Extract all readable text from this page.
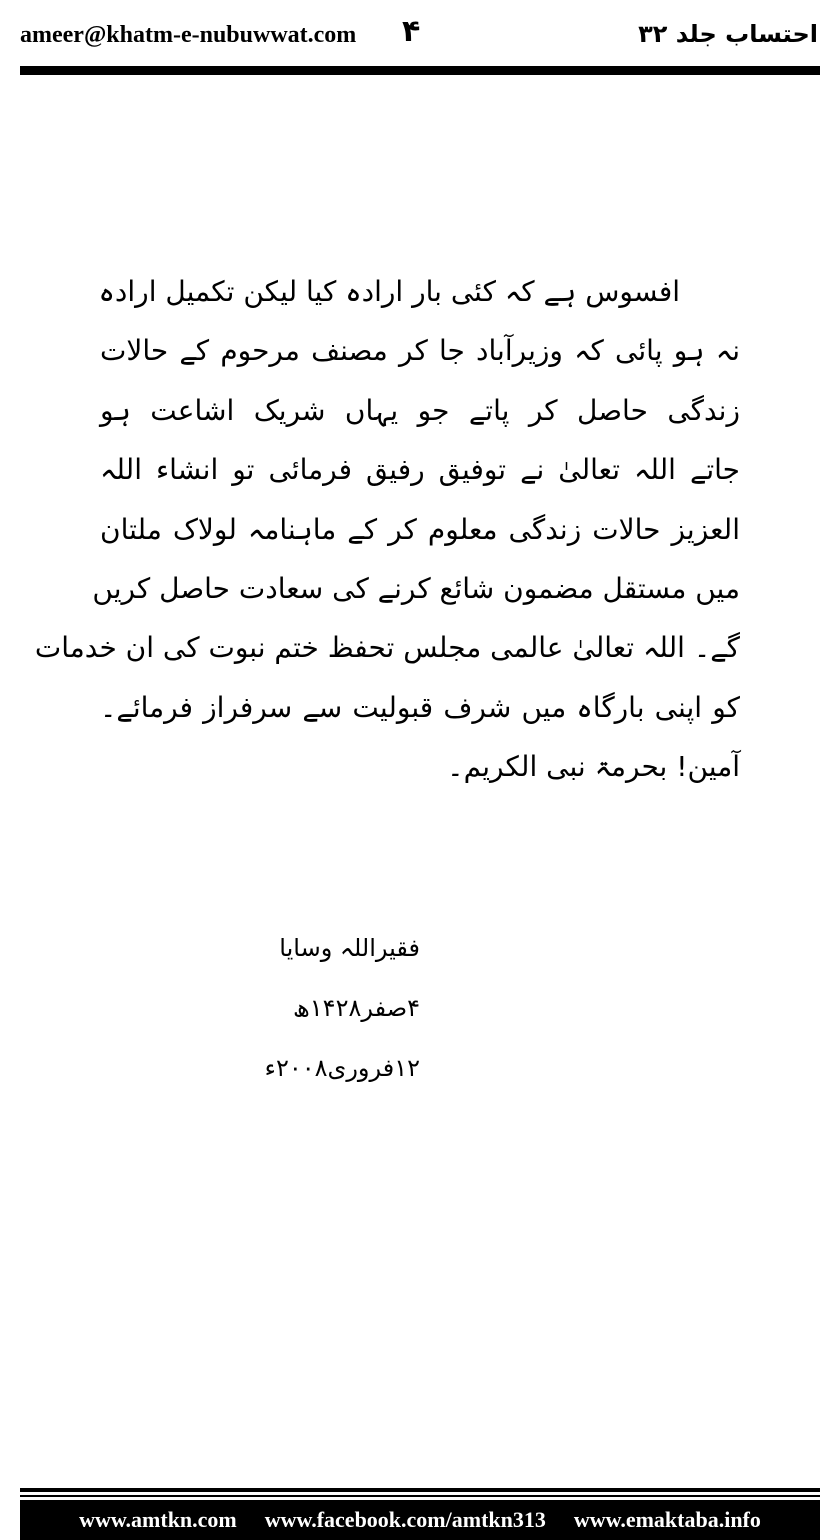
ameer@khatm-e-nubuwwat.com ۴	احتساب جلد ۳۲
افسوس ہے کہ کئی بار ارادہ کیا لیکن تکمیل ارادہ
نہ ہو پائی کہ وزیرآباد جا کر مصنف مرحوم کے حالات
زندگی حاصل کر پاتے جو یہاں شریک اشاعت ہو
جاتے اللہ تعالیٰ نے توفیق رفیق فرمائی تو انشاء اللہ
العزیز حالات زندگی معلوم کر کے ماہنامہ لولاک ملتان
میں مستقل مضمون شائع کرنے کی سعادت حاصل کریں
گے۔ اللہ تعالیٰ عالمی مجلس تحفظ ختم نبوت کی ان خدمات
کو اپنی بارگاہ میں شرف قبولیت سے سرفراز فرمائے۔
آمین! بحرمۃ نبی الکریم۔
فقیراللہ وسایا
۴صفر۱۴۲۸ھ
۱۲فروری۲۰۰۸ء
www.amtkn.com www.facebook.com/amtkn313 www.emaktaba.info
